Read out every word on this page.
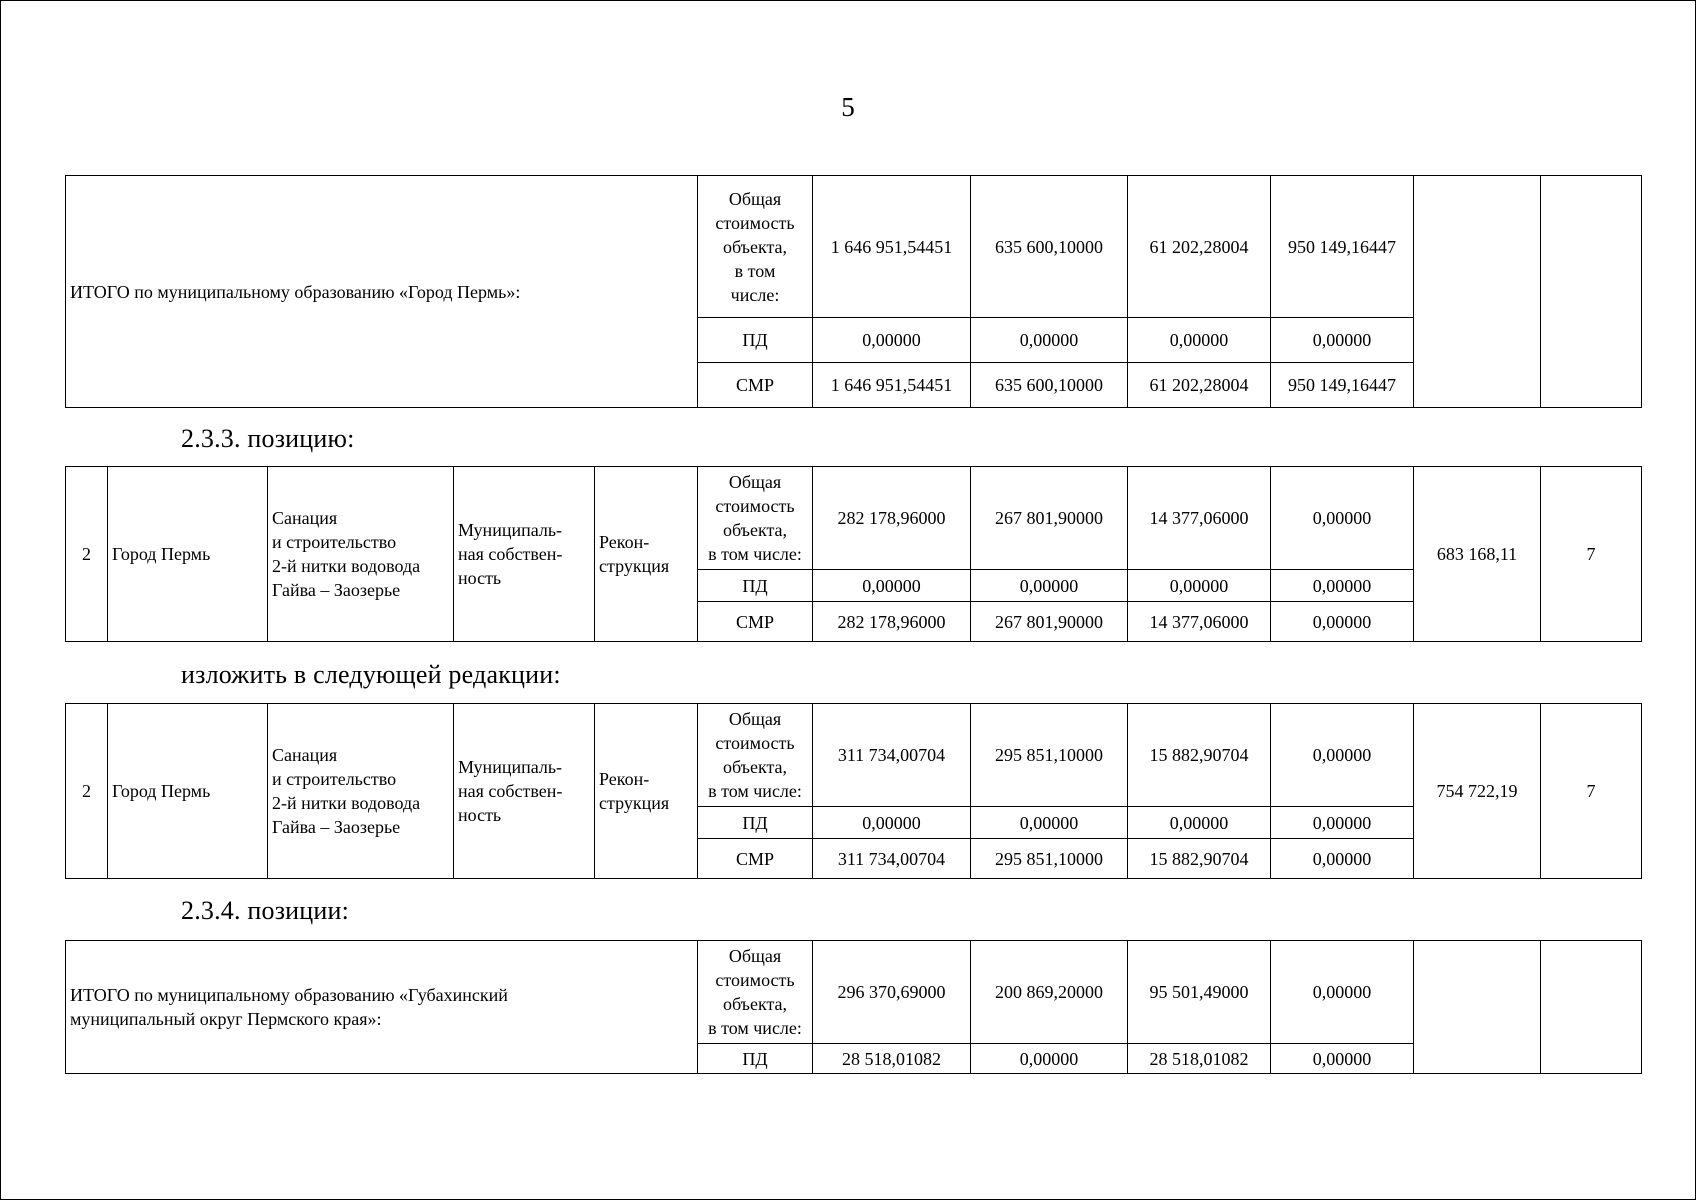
5
ИТОГО по муниципальному образованию «Город Пермь»:	Общая
стоимость
объекта,
в том
числе:	1 646 951,54451	635 600,10000	61 202,28004	950 149,16447		
	ПД	0,00000	0,00000	0,00000	0,00000		
	СМР	1 646 951,54451	635 600,10000	61 202,28004	950 149,16447		
2.3.3. позицию:
2	Город Пермь	Санация
и строительство
2-й нитки водовода
Гайва – Заозерье	Муниципаль-
ная собствен-
ность	Рекон-
струкция	Общая
стоимость
объекта,
в том числе:	282 178,96000	267 801,90000	14 377,06000	0,00000	683 168,11	7
					ПД	0,00000	0,00000	0,00000	0,00000		
					СМР	282 178,96000	267 801,90000	14 377,06000	0,00000		
изложить в следующей редакции:
2	Город Пермь	Санация
и строительство
2-й нитки водовода
Гайва – Заозерье	Муниципаль-
ная собствен-
ность	Рекон-
струкция	Общая
стоимость
объекта,
в том числе:	311 734,00704	295 851,10000	15 882,90704	0,00000	754 722,19	7
					ПД	0,00000	0,00000	0,00000	0,00000		
					СМР	311 734,00704	295 851,10000	15 882,90704	0,00000		
2.3.4. позиции:
ИТОГО по муниципальному образованию «Губахинский
муниципальный округ Пермского края»:	Общая
стоимость
объекта,
в том числе:	296 370,69000	200 869,20000	95 501,49000	0,00000		
	ПД	28 518,01082	0,00000	28 518,01082	0,00000		
